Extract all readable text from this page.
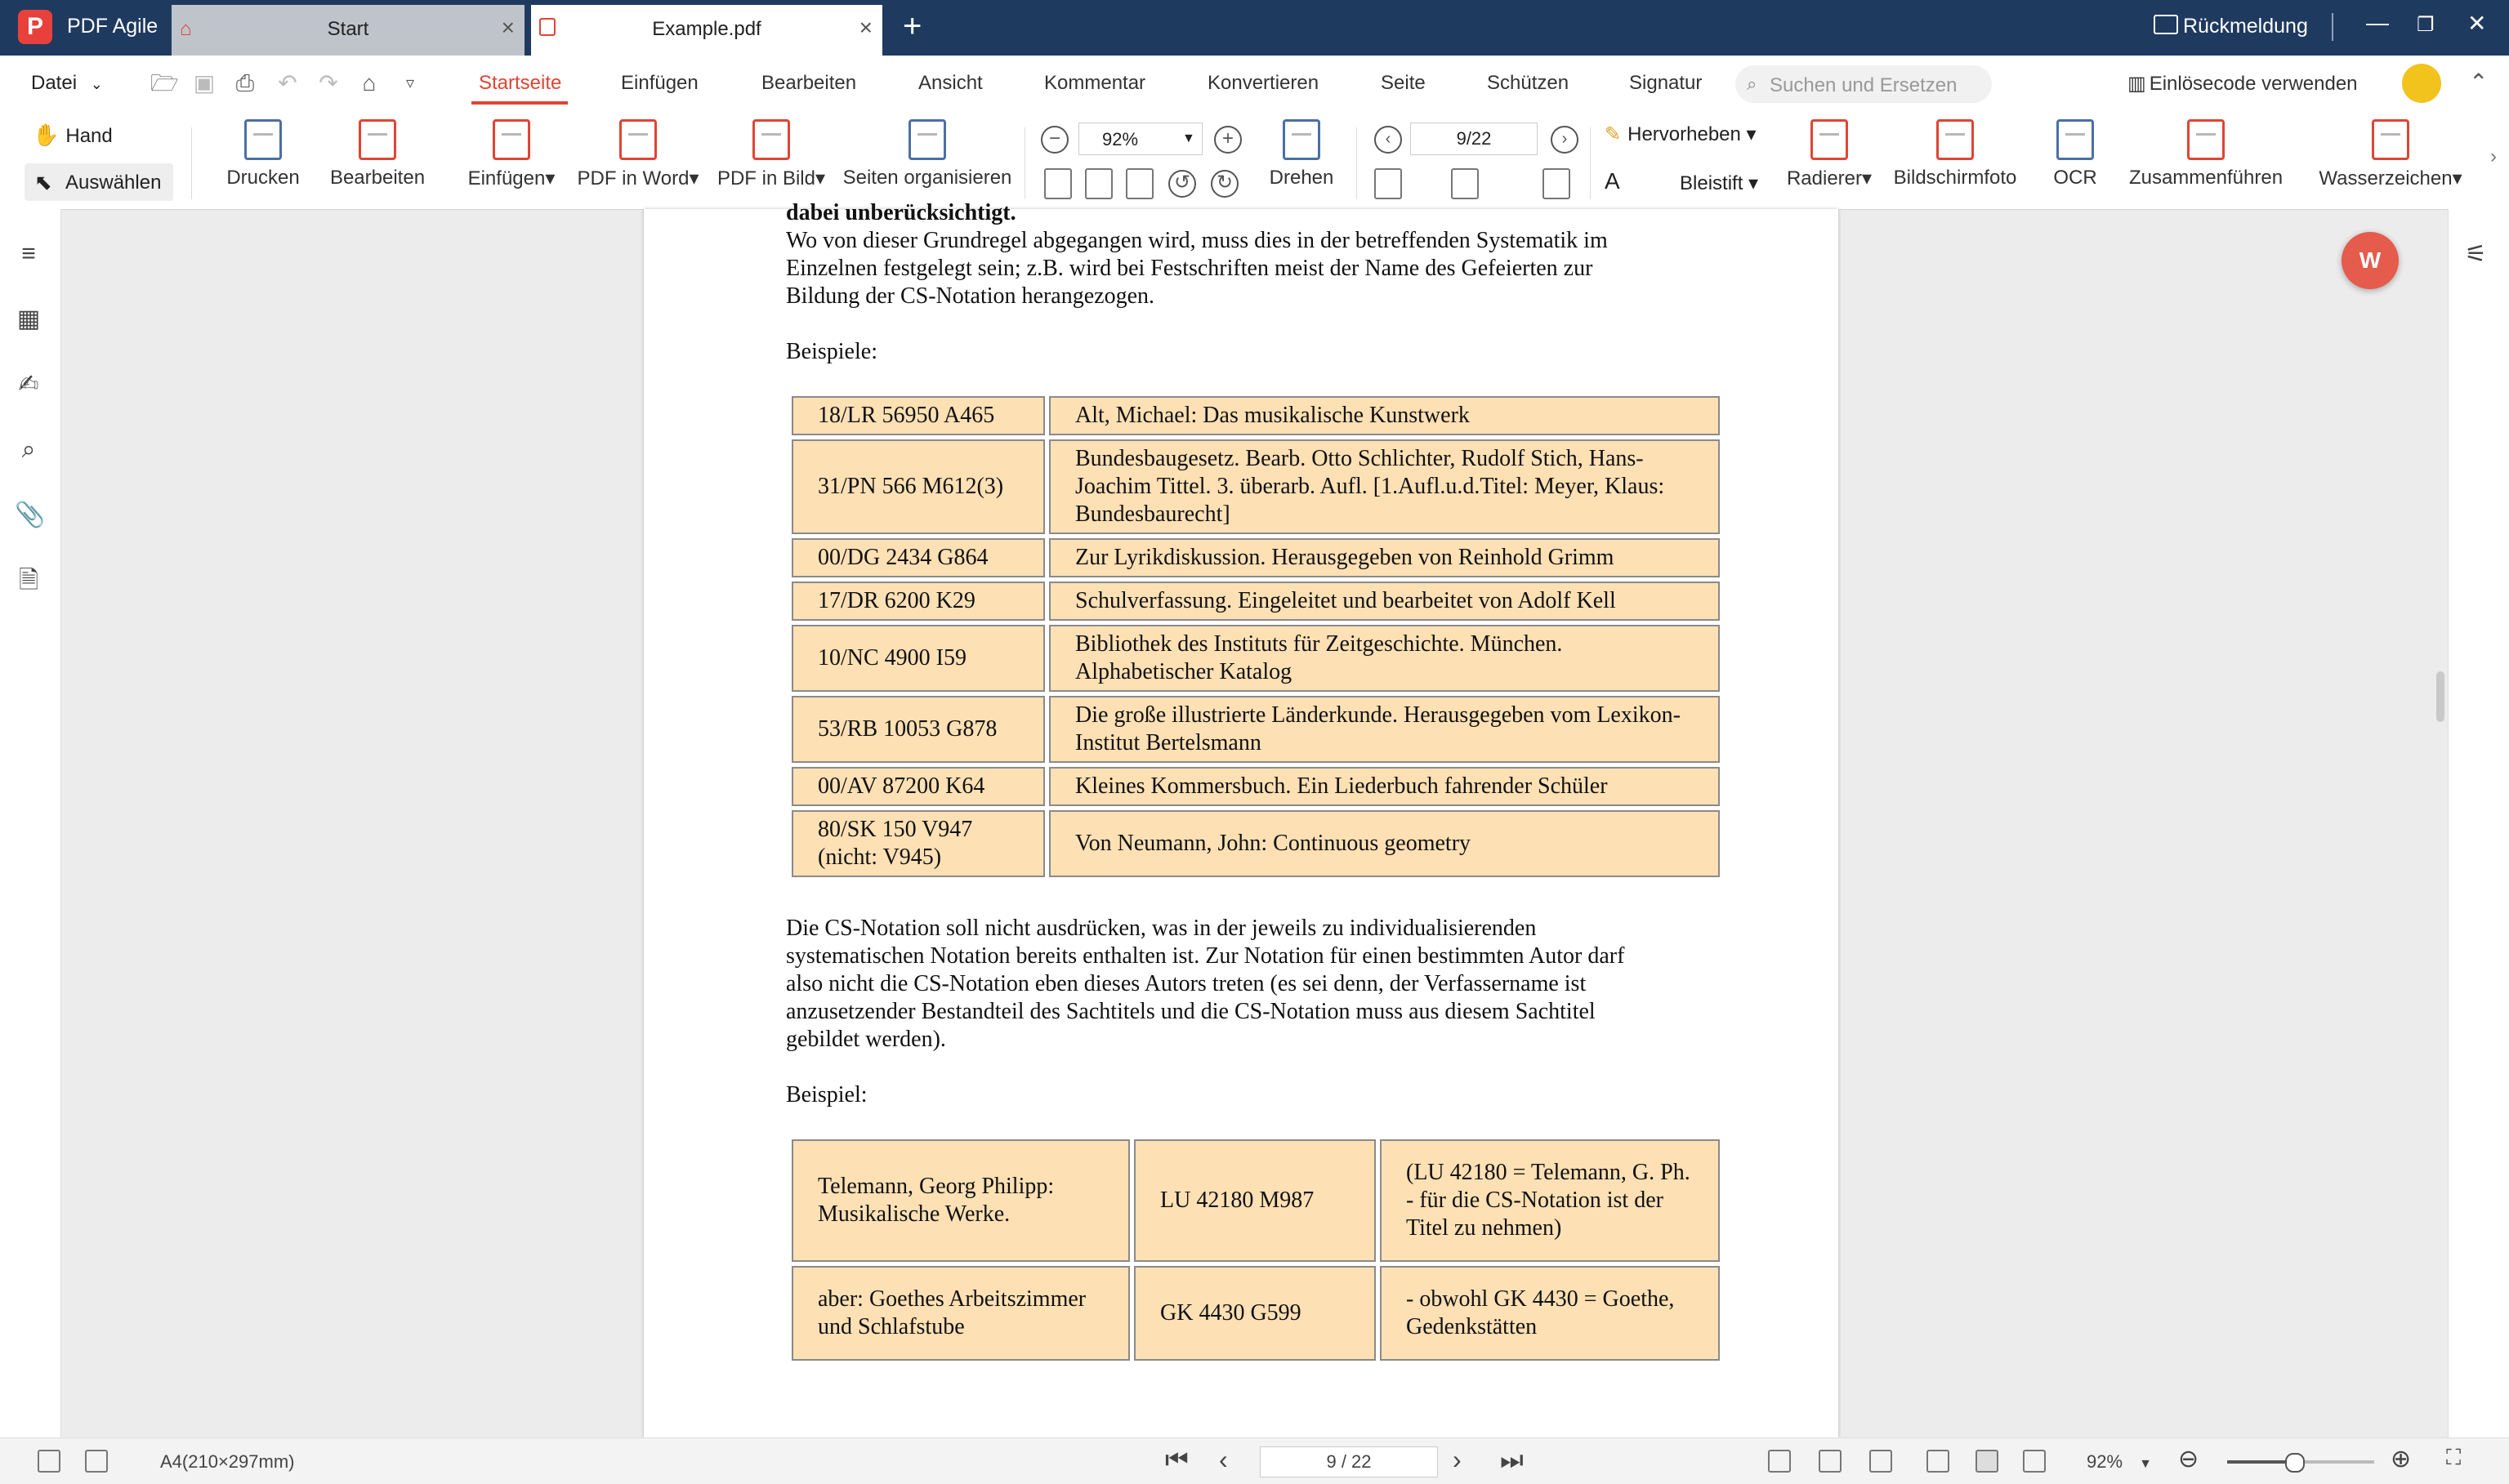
P	PDF Agile ⌂	Start	×	Example.pdf	× +	Rückmeldung	— ❐ ✕
Datei ⌄ 🗁 ▣ ⎙ ↶ ↷ ⌂	▿	Startseite	Einfügen	Bearbeiten	Ansicht	Kommentar	Konvertieren	Seite	Schützen	Signatur ⌕ Suchen und Ersetzen	▥ Einlösecode verwenden	⌃
✋ Hand
⬉ Auswählen	Drucken Bearbeiten Einfügen▾ PDF in Word▾ PDF in Bild▾ Seiten organisieren
−	92%	▼	+
↺ ↻ Drehen
‹	9/22	›	✎ Hervorheben ▾
A	Bleistift ▾ Radierer▾ Bildschirmfoto	OCR	Zusammenführen Wasserzeichen▾
›
≡
▦
✍
⌕
📎
🗎

dabei unberücksichtigt.

Wo von dieser Grundregel abgegangen wird, muss dies in der betreffenden Systematik im

Einzelnen festgelegt sein; z.B. wird bei Festschriften meist der Name des Gefeierten zur

Bildung der CS-Notation herangezogen.

Beispiele:

18/LR 56950 A465	Alt, Michael: Das musikalische Kunstwerk
31/PN 566 M612(3)	Bundesbaugesetz. Bearb. Otto Schlichter, Rudolf Stich, Hans-Joachim Tittel. 3. überarb. Aufl. [1.Aufl.u.d.Titel: Meyer, Klaus: Bundesbaurecht]
00/DG 2434 G864	Zur Lyrikdiskussion. Herausgegeben von Reinhold Grimm
17/DR 6200 K29	Schulverfassung. Eingeleitet und bearbeitet von Adolf Kell
10/NC 4900 I59	Bibliothek des Instituts für Zeitgeschichte. München. Alphabetischer Katalog
53/RB 10053 G878	Die große illustrierte Länderkunde. Herausgegeben vom Lexikon-Institut Bertelsmann
00/AV 87200 K64	Kleines Kommersbuch. Ein Liederbuch fahrender Schüler
80/SK 150 V947 (nicht: V945)	Von Neumann, John: Continuous geometry

Die CS-Notation soll nicht ausdrücken, was in der jeweils zu individualisierenden

systematischen Notation bereits enthalten ist. Zur Notation für einen bestimmten Autor darf

also nicht die CS-Notation eben dieses Autors treten (es sei denn, der Verfassername ist

anzusetzender Bestandteil des Sachtitels und die CS-Notation muss aus diesem Sachtitel

gebildet werden).

Beispiel:

Telemann, Georg Philipp: Musikalische Werke.	LU 42180 M987	(LU 42180 = Telemann, G. Ph. - für die CS-Notation ist der Titel zu nehmen)
aber: Goethes Arbeitszimmer und Schlafstube	GK 4430 G599	- obwohl GK 4430 = Goethe, Gedenkstätten
W	⚟
A4(210×297mm)	⏮ ‹	9 / 22	› ⏭	92% ▼ ⊖	⊕ ⛶
